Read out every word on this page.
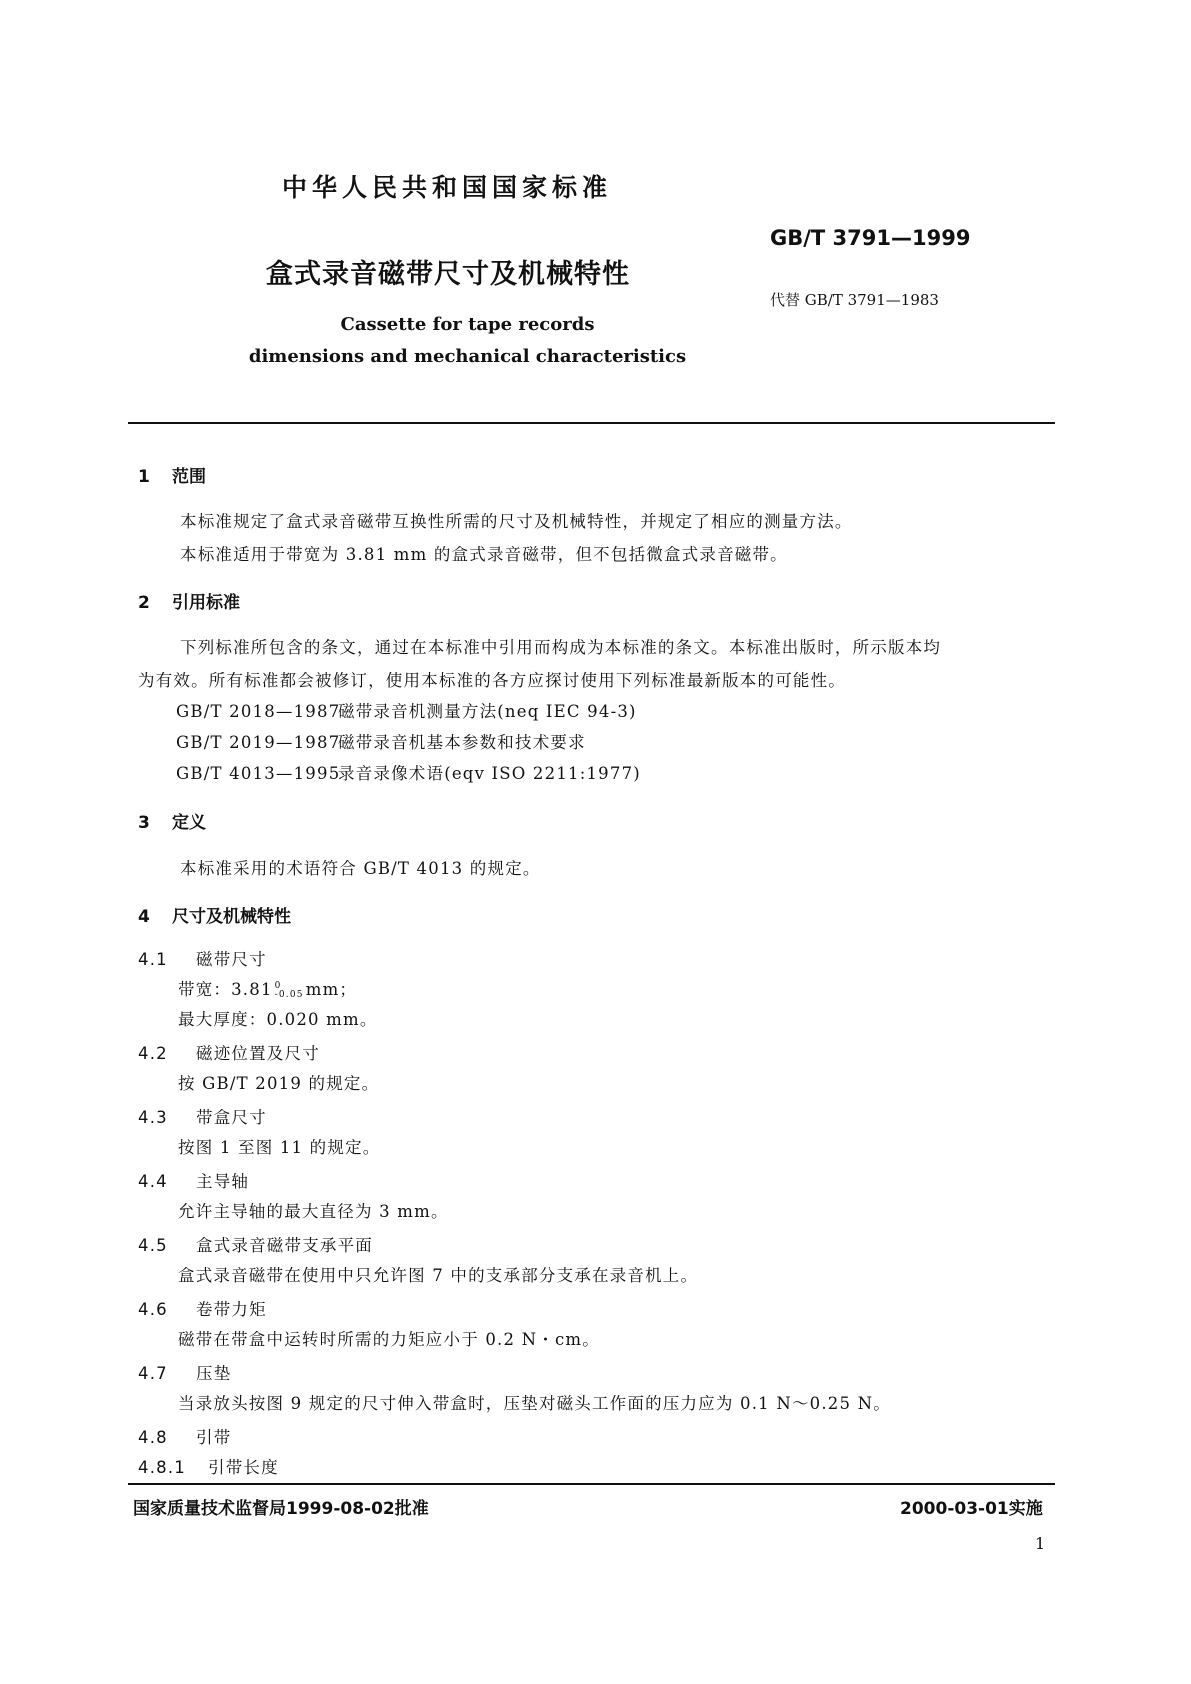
中华人民共和国国家标准
GB/T 3791—1999
盒式录音磁带尺寸及机械特性
代替 GB/T 3791—1983
Cassette for tape records
dimensions and mechanical characteristics
1 范围
本标准规定了盒式录音磁带互换性所需的尺寸及机械特性，并规定了相应的测量方法。
本标准适用于带宽为 3.81 mm 的盒式录音磁带，但不包括微盒式录音磁带。
2 引用标准
下列标准所包含的条文，通过在本标准中引用而构成为本标准的条文。本标准出版时，所示版本均
为有效。所有标准都会被修订，使用本标准的各方应探讨使用下列标准最新版本的可能性。
GB/T 2018—1987磁带录音机测量方法(neq IEC 94-3)
GB/T 2019—1987磁带录音机基本参数和技术要求
GB/T 4013—1995录音录像术语(eqv ISO 2211:1977)
3 定义
本标准采用的术语符合 GB/T 4013 的规定。
4 尺寸及机械特性
4.1 磁带尺寸
带宽：3.81 0
-0.05 mm；
最大厚度：0.020 mm。
4.2 磁迹位置及尺寸
按 GB/T 2019 的规定。
4.3 带盒尺寸
按图 1 至图 11 的规定。
4.4 主导轴
允许主导轴的最大直径为 3 mm。
4.5 盒式录音磁带支承平面
盒式录音磁带在使用中只允许图 7 中的支承部分支承在录音机上。
4.6 卷带力矩
磁带在带盒中运转时所需的力矩应小于 0.2 N・cm。
4.7 压垫
当录放头按图 9 规定的尺寸伸入带盒时，压垫对磁头工作面的压力应为 0.1 N～0.25 N。
4.8 引带
4.8.1 引带长度
国家质量技术监督局1999-08-02批准	2000-03-01实施
1
